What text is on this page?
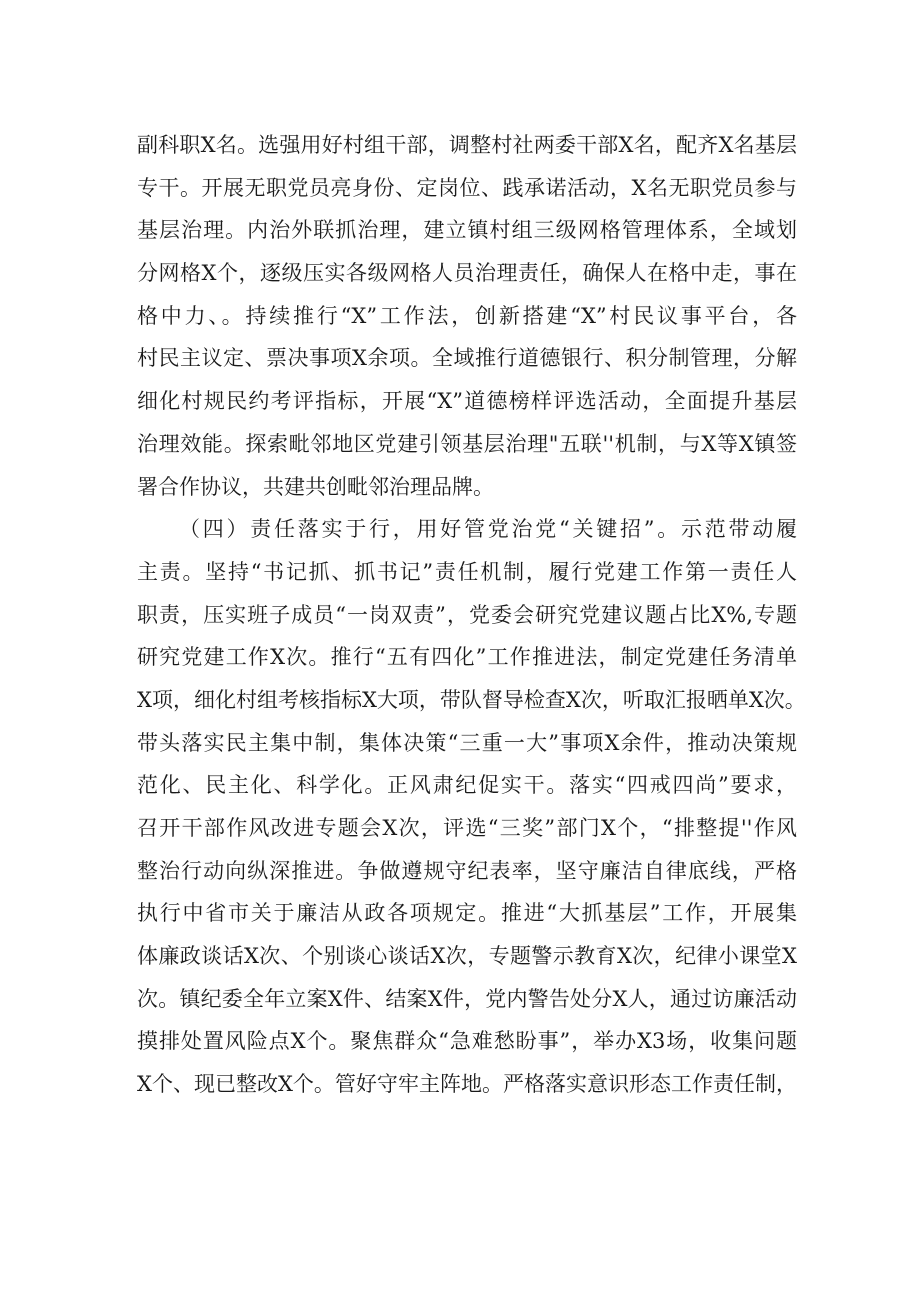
副科职X名。选强用好村组干部，调整村社两委干部X名，配齐X名基层
专干。开展无职党员亮身份、定岗位、践承诺活动，X名无职党员参与
基层治理。内治外联抓治理，建立镇村组三级网格管理体系，全域划
分网格X个，逐级压实各级网格人员治理责任，确保人在格中走，事在
格中力、。持续推行“X”工作法，创新搭建“X”村民议事平台，各
村民主议定、票决事项X余项。全域推行道德银行、积分制管理，分解
细化村规民约考评指标，开展“X”道德榜样评选活动，全面提升基层
治理效能。探索毗邻地区党建引领基层治理"五联''机制，与X等X镇签
署合作协议，共建共创毗邻治理品牌。
（四）责任落实于行，用好管党治党“关键招”。示范带动履
主责。坚持“书记抓、抓书记”责任机制，履行党建工作第一责任人
职责，压实班子成员“一岗双责”，党委会研究党建议题占比X%,专题
研究党建工作X次。推行“五有四化”工作推进法，制定党建任务清单
X项，细化村组考核指标X大项，带队督导检查X次，听取汇报晒单X次。
带头落实民主集中制，集体决策“三重一大”事项X余件，推动决策规
范化、民主化、科学化。正风肃纪促实干。落实“四戒四尚”要求，
召开干部作风改进专题会X次，评选“三奖”部门X个，“排整提''作风
整治行动向纵深推进。争做遵规守纪表率，坚守廉洁自律底线，严格
执行中省市关于廉洁从政各项规定。推进“大抓基层”工作，开展集
体廉政谈话X次、个别谈心谈话X次，专题警示教育X次，纪律小课堂X
次。镇纪委全年立案X件、结案X件，党内警告处分X人，通过访廉活动
摸排处置风险点X个。聚焦群众“急难愁盼事”，举办X3场，收集问题
X个、现已整改X个。管好守牢主阵地。严格落实意识形态工作责任制，
